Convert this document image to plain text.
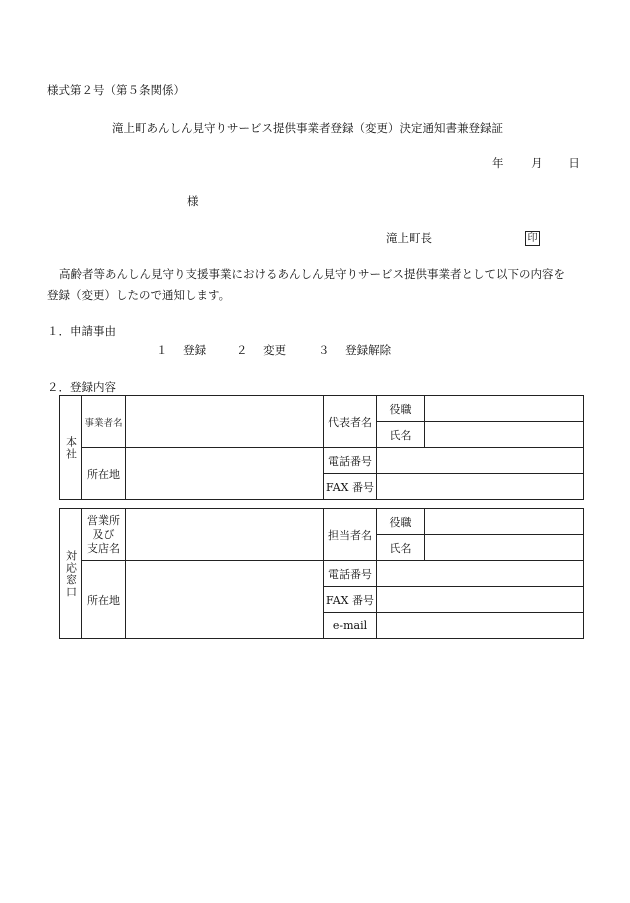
様式第２号（第５条関係）
滝上町あんしん見守りサービス提供事業者登録（変更）決定通知書兼登録証
年 月 日
様
滝上町長	印
高齢者等あんしん見守り支援事業におけるあんしん見守りサービス提供事業者として以下の内容を
登録（変更）したので通知します。
１．申請事由
１ 登録	２ 変更	３ 登録解除
２．登録内容
本社	事業者名		代表者名	役職	
				氏名	
	所在地		電話番号		
			FAX 番号		
対応窓口	営業所
及び
支店名		担当者名	役職	
				氏名	
	所在地		電話番号		
			FAX 番号		
			e-mail		
